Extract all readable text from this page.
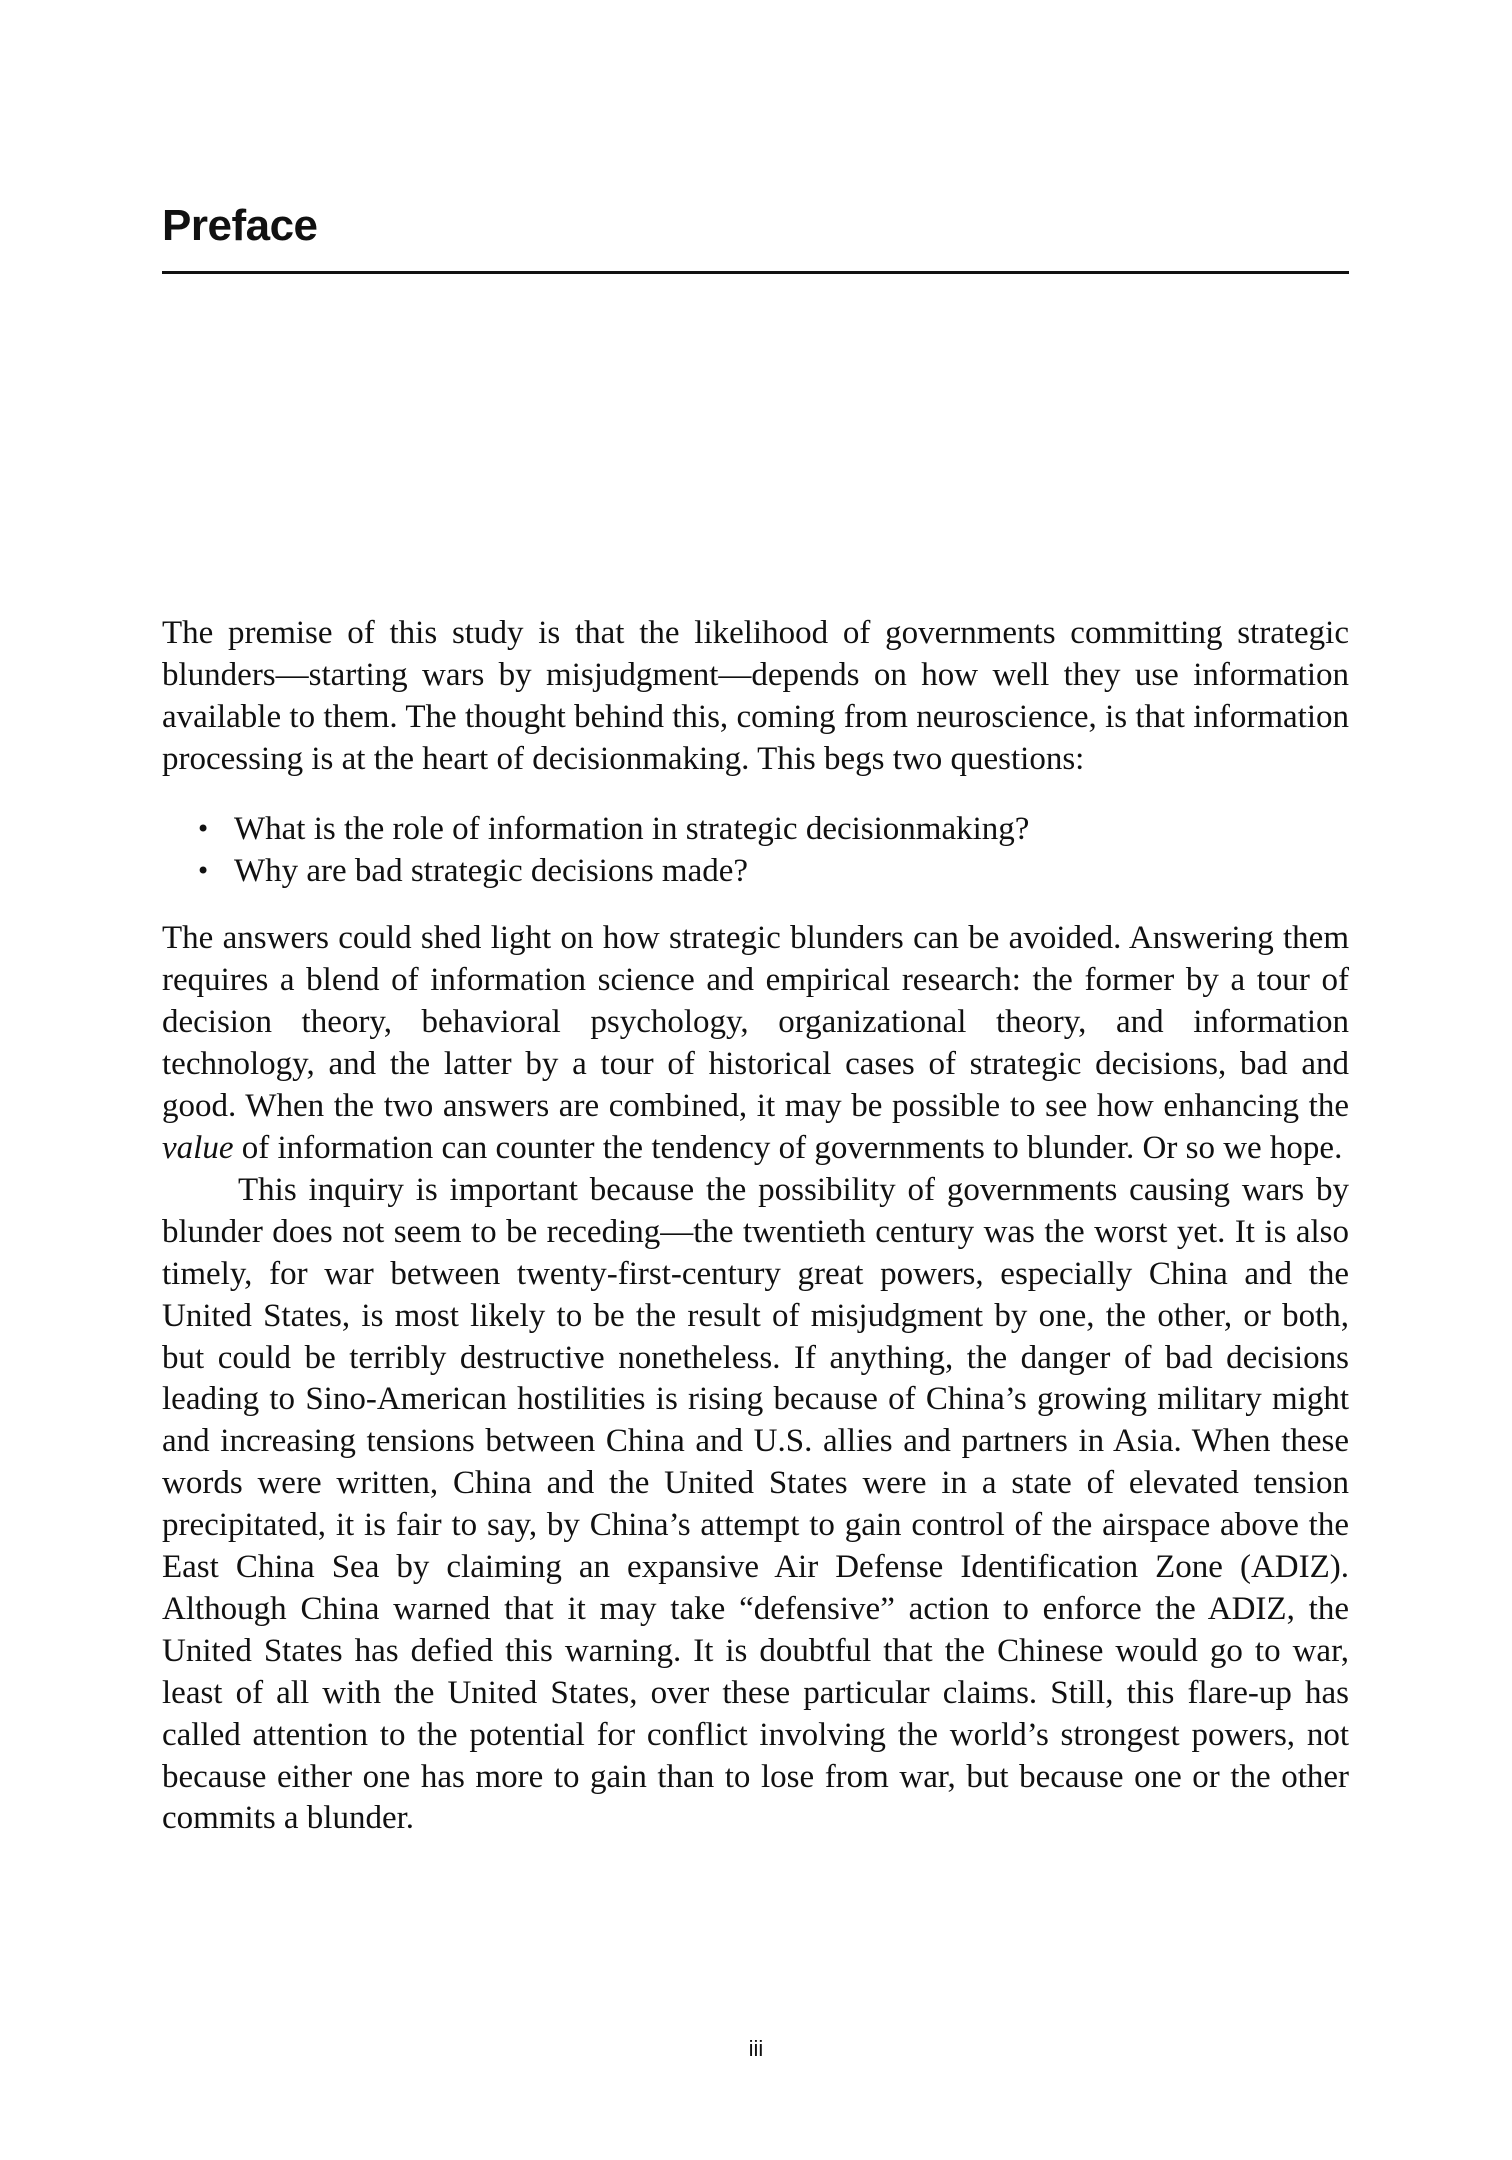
Preface

The premise of this study is that the likelihood of governments committing strategic blunders—starting wars by misjudgment—depends on how well they use information available to them. The thought behind this, coming from neuroscience, is that information processing is at the heart of decisionmaking. This begs two questions:

• What is the role of information in strategic decisionmaking?
• Why are bad strategic decisions made?

The answers could shed light on how strategic blunders can be avoided. Answering them requires a blend of information science and empirical research: the former by a tour of decision theory, behavioral psychology, organizational theory, and information technology, and the latter by a tour of historical cases of strategic decisions, bad and good. When the two answers are combined, it may be possible to see how enhancing the value of information can counter the tendency of governments to blunder. Or so we hope.

This inquiry is important because the possibility of governments causing wars by blunder does not seem to be receding—the twentieth century was the worst yet. It is also timely, for war between twenty-first-century great powers, especially China and the United States, is most likely to be the result of misjudgment by one, the other, or both, but could be terribly destructive nonetheless. If anything, the danger of bad decisions leading to Sino-American hostilities is rising because of China’s growing military might and increasing tensions between China and U.S. allies and partners in Asia. When these words were written, China and the United States were in a state of elevated tension precipitated, it is fair to say, by China’s attempt to gain control of the airspace above the East China Sea by claiming an expansive Air Defense Identification Zone (ADIZ). Although China warned that it may take “defensive” action to enforce the ADIZ, the United States has defied this warning. It is doubtful that the Chinese would go to war, least of all with the United States, over these particular claims. Still, this flare-up has called attention to the potential for conflict involving the world’s strongest powers, not because either one has more to gain than to lose from war, but because one or the other commits a blunder.

iii
